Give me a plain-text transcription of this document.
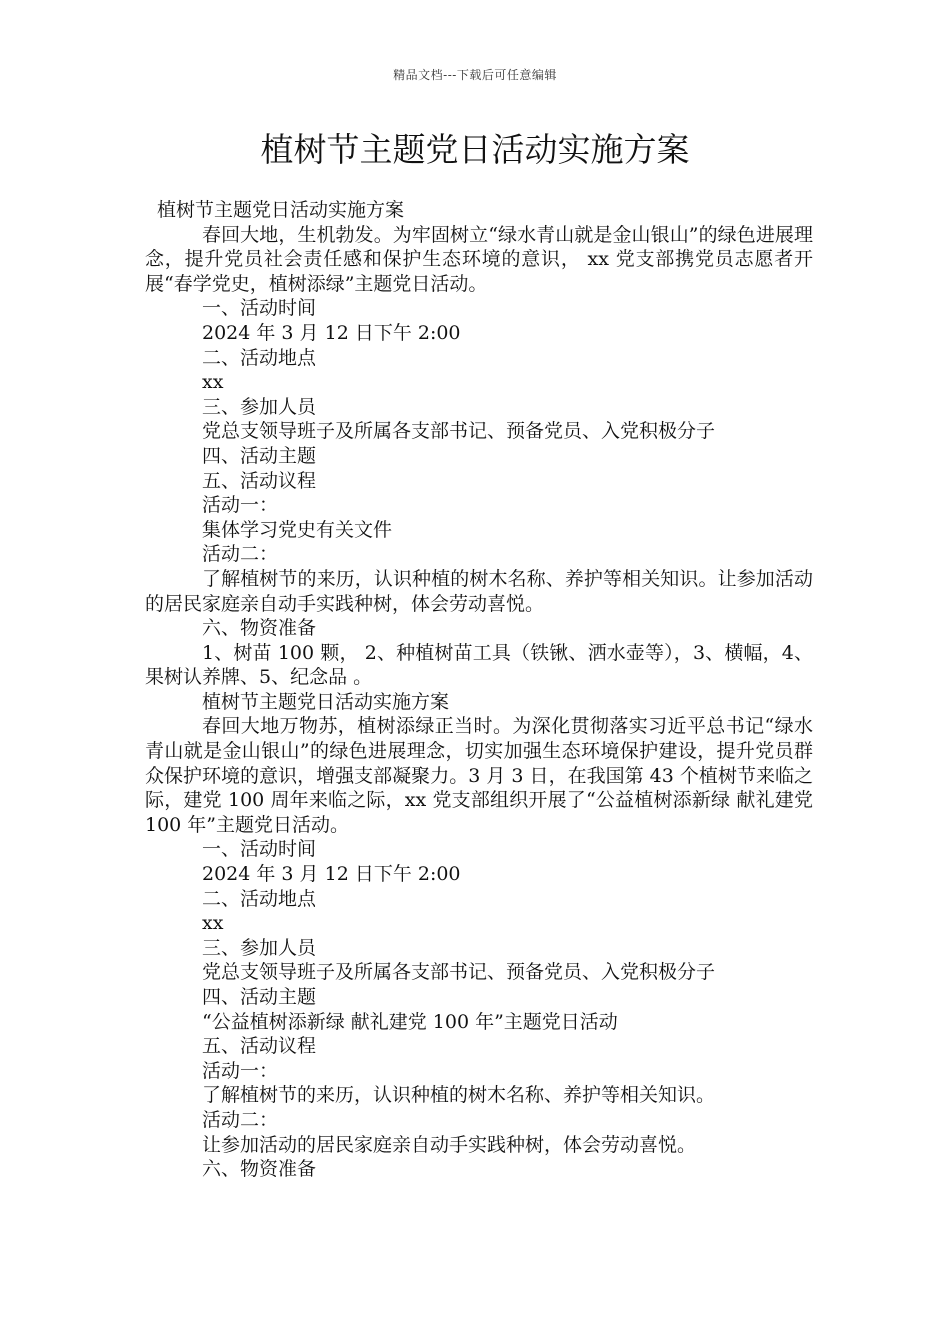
精品文档---下载后可任意编辑
植树节主题党日活动实施方案

植树节主题党日活动实施方案

春回大地，生机勃发。为牢固树立“绿水青山就是金山银山”的绿色进展理念，提升党员社会责任感和保护生态环境的意识， xx 党支部携党员志愿者开展“春学党史，植树添绿”主题党日活动。

一、活动时间

2024 年 3 月 12 日下午 2:00

二、活动地点

xx

三、参加人员

党总支领导班子及所属各支部书记、预备党员、入党积极分子

四、活动主题

五、活动议程

活动一：

集体学习党史有关文件

活动二：

了解植树节的来历，认识种植的树木名称、养护等相关知识。让参加活动的居民家庭亲自动手实践种树，体会劳动喜悦。

六、物资准备

1、树苗 100 颗， 2、种植树苗工具（铁锹、洒水壶等），3、横幅，4、果树认养牌、5、纪念品 。

植树节主题党日活动实施方案

春回大地万物苏，植树添绿正当时。为深化贯彻落实习近平总书记“绿水青山就是金山银山”的绿色进展理念，切实加强生态环境保护建设，提升党员群众保护环境的意识，增强支部凝聚力。3 月 3 日，在我国第 43 个植树节来临之际，建党 100 周年来临之际，xx 党支部组织开展了“公益植树添新绿 献礼建党 100 年”主题党日活动。

一、活动时间

2024 年 3 月 12 日下午 2:00

二、活动地点

xx

三、参加人员

党总支领导班子及所属各支部书记、预备党员、入党积极分子

四、活动主题

“公益植树添新绿 献礼建党 100 年”主题党日活动

五、活动议程

活动一：

了解植树节的来历，认识种植的树木名称、养护等相关知识。

活动二：

让参加活动的居民家庭亲自动手实践种树，体会劳动喜悦。

六、物资准备
